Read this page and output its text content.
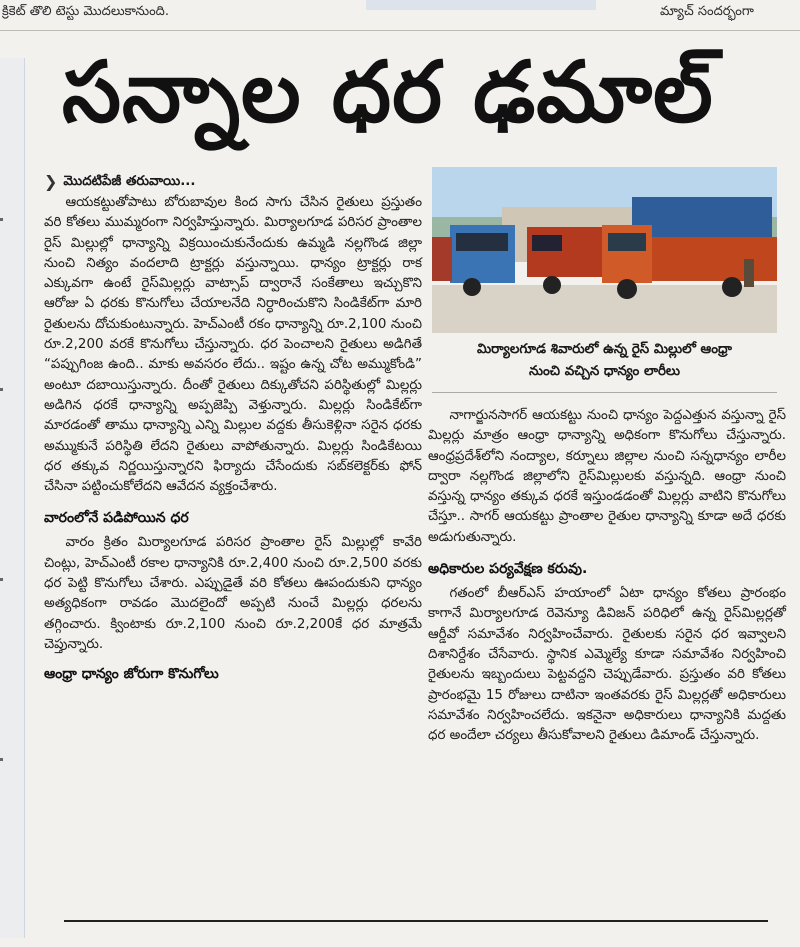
క్రికెట్ తొలి టెస్టు మొదలుకానుంది.	మ్యాచ్ సందర్భంగా
సన్నాల ధర ఢమాల్
❯ మొదటిపేజీ తరువాయి...

ఆయకట్టుతోపాటు బోరుబావుల కింద సాగు చేసిన రైతులు ప్రస్తుతం వరి కోతలు ముమ్మరంగా నిర్వహిస్తున్నారు. మిర్యాలగూడ పరిసర ప్రాంతాల రైస్ మిల్లుల్లో ధాన్యాన్ని విక్రయించుకునేందుకు ఉమ్మడి నల్లగొండ జిల్లా నుంచి నిత్యం వందలాది ట్రాక్టర్లు వస్తున్నాయి. ధాన్యం ట్రాక్టర్లు రాక ఎక్కువగా ఉంటే రైస్‌మిల్లర్లు వాట్సాప్ ద్వారానే సంకేతాలు ఇచ్చుకొని ఆరోజు ఏ ధరకు కొనుగోలు చేయాలనేది నిర్ధారించుకొని సిండికేట్‌గా మారి రైతులను దోచుకుంటున్నారు. హెచ్ఎంటీ రకం ధాన్యాన్ని రూ.2,100 నుంచి రూ.2,200 వరకే కొనుగోలు చేస్తున్నారు. ధర పెంచాలని రైతులు అడిగితే “పప్పుగింజ ఉంది.. మాకు అవసరం లేదు.. ఇష్టం ఉన్న చోట అమ్ముకోండి” అంటూ దబాయిస్తున్నారు. దీంతో రైతులు దిక్కుతోచని పరిస్థితుల్లో మిల్లర్లు అడిగిన ధరకే ధాన్యాన్ని అప్పజెప్పి వెళ్తున్నారు. మిల్లర్లు సిండికేట్‌గా మారడంతో తాము ధాన్యాన్ని ఎన్ని మిల్లుల వద్దకు తీసుకెళ్లినా సరైన ధరకు అమ్ముకునే పరిస్థితి లేదని రైతులు వాపోతున్నారు. మిల్లర్లు సిండికేటయి ధర తక్కువ నిర్ణయిస్తున్నారని ఫిర్యాదు చేసేందుకు సబ్‌కలెక్టర్‌కు ఫోన్ చేసినా పట్టించుకోలేదని ఆవేదన వ్యక్తంచేశారు.

వారంలోనే పడిపోయిన ధర

వారం క్రితం మిర్యాలగూడ పరిసర ప్రాంతాల రైస్ మిల్లుల్లో కావేరి చింట్లు, హెచ్ఎంటీ రకాల ధాన్యానికి రూ.2,400 నుంచి రూ.2,500 వరకు ధర పెట్టి కొనుగోలు చేశారు. ఎప్పుడైతే వరి కోతలు ఊపందుకుని ధాన్యం అత్యధికంగా రావడం మొదలైందో అప్పటి నుంచే మిల్లర్లు ధరలను తగ్గించారు. క్వింటాకు రూ.2,100 నుంచి రూ.2,200కే ధర మాత్రమే చెప్తున్నారు.

ఆంధ్రా ధాన్యం జోరుగా కొనుగోలు

మిర్యాలగూడ శివారులో ఉన్న రైస్ మిల్లులో ఆంధ్రా

నుంచి వచ్చిన ధాన్యం లారీలు

నాగార్జునసాగర్ ఆయకట్టు నుంచి ధాన్యం పెద్దఎత్తున వస్తున్నా రైస్ మిల్లర్లు మాత్రం ఆంధ్రా ధాన్యాన్ని అధికంగా కొనుగోలు చేస్తున్నారు. ఆంధ్రప్రదేశ్‌లోని నంద్యాల, కర్నూలు జిల్లాల నుంచి సన్నధాన్యం లారీల ద్వారా నల్లగొండ జిల్లాలోని రైస్‌మిల్లులకు వస్తున్నది. ఆంధ్రా నుంచి వస్తున్న ధాన్యం తక్కువ ధరకే ఇస్తుండడంతో మిల్లర్లు వాటిని కొనుగోలు చేస్తూ.. సాగర్ ఆయకట్టు ప్రాంతాల రైతుల ధాన్యాన్ని కూడా అదే ధరకు అడుగుతున్నారు.

అధికారుల పర్యవేక్షణ కరువు.

గతంలో బీఆర్ఎస్ హయాంలో ఏటా ధాన్యం కోతలు ప్రారంభం కాగానే మిర్యాలగూడ రెవెన్యూ డివిజన్ పరిధిలో ఉన్న రైస్‌మిల్లర్లతో ఆర్డీవో సమావేశం నిర్వహించేవారు. రైతులకు సరైన ధర ఇవ్వాలని దిశానిర్దేశం చేసేవారు. స్థానిక ఎమ్మెల్యే కూడా సమావేశం నిర్వహించి రైతులను ఇబ్బందులు పెట్టవద్దని చెప్పుడేవారు. ప్రస్తుతం వరి కోతలు ప్రారంభమై 15 రోజులు దాటినా ఇంతవరకు రైస్ మిల్లర్లతో అధికారులు సమావేశం నిర్వహించలేదు. ఇకనైనా అధికారులు ధాన్యానికి మద్దతు ధర అందేలా చర్యలు తీసుకోవాలని రైతులు డిమాండ్ చేస్తున్నారు.
